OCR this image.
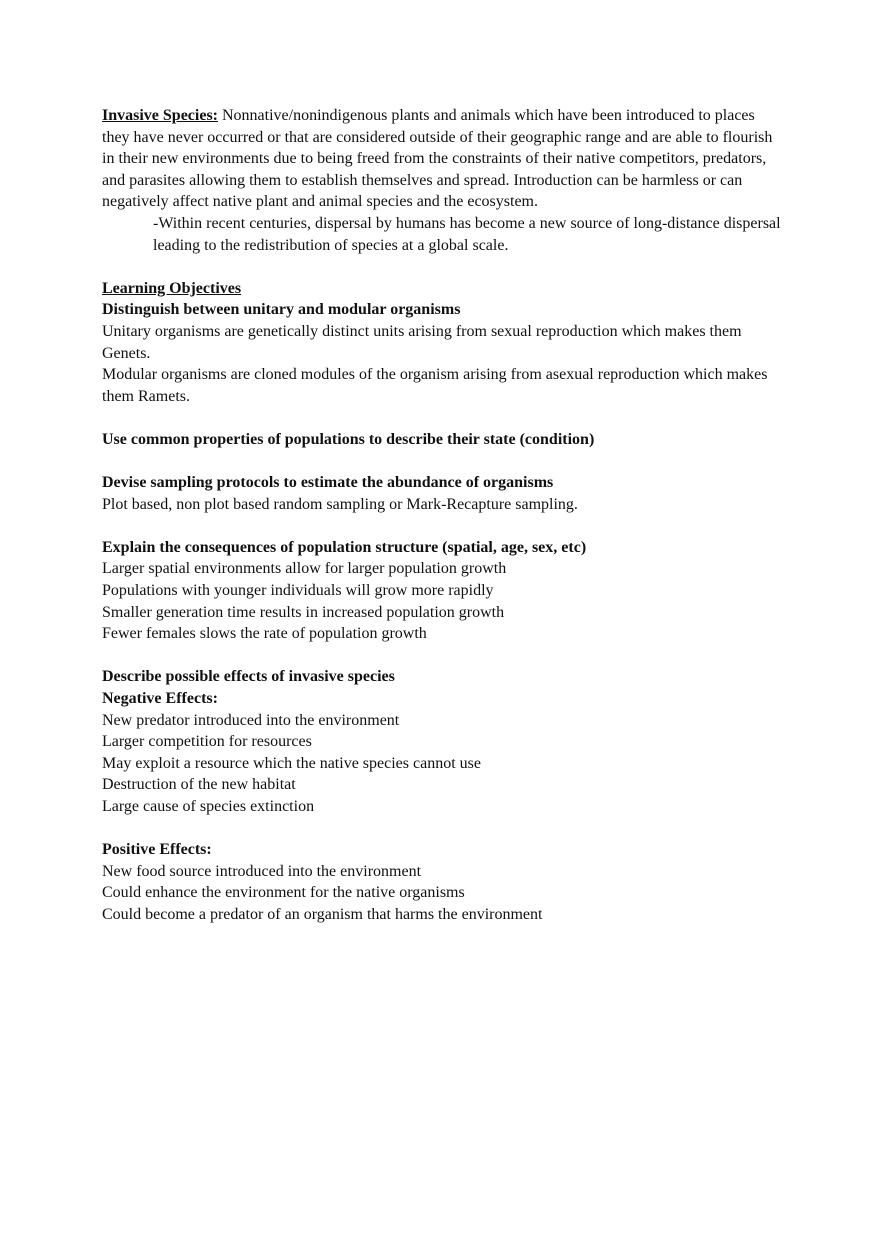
Invasive Species: Nonnative/nonindigenous plants and animals which have been introduced to places they have never occurred or that are considered outside of their geographic range and are able to flourish in their new environments due to being freed from the constraints of their native competitors, predators, and parasites allowing them to establish themselves and spread. Introduction can be harmless or can negatively affect native plant and animal species and the ecosystem.

-Within recent centuries, dispersal by humans has become a new source of long-distance dispersal leading to the redistribution of species at a global scale.

Learning Objectives

Distinguish between unitary and modular organisms

Unitary organisms are genetically distinct units arising from sexual reproduction which makes them Genets.

Modular organisms are cloned modules of the organism arising from asexual reproduction which makes them Ramets.

Use common properties of populations to describe their state (condition)

Devise sampling protocols to estimate the abundance of organisms

Plot based, non plot based random sampling or Mark-Recapture sampling.

Explain the consequences of population structure (spatial, age, sex, etc)

Larger spatial environments allow for larger population growth

Populations with younger individuals will grow more rapidly

Smaller generation time results in increased population growth

Fewer females slows the rate of population growth

Describe possible effects of invasive species

Negative Effects:

New predator introduced into the environment

Larger competition for resources

May exploit a resource which the native species cannot use

Destruction of the new habitat

Large cause of species extinction

Positive Effects:

New food source introduced into the environment

Could enhance the environment for the native organisms

Could become a predator of an organism that harms the environment
